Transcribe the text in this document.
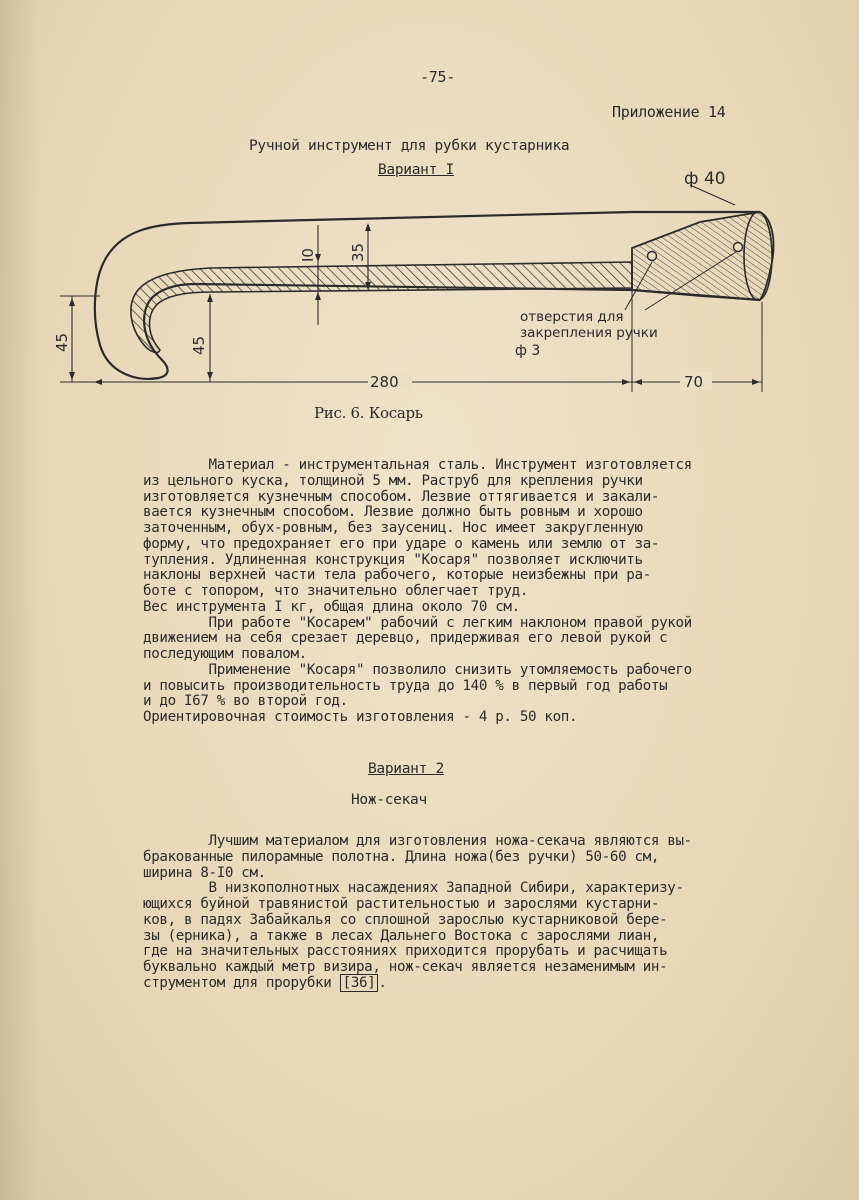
-75-
Приложение 14
Ручной инструмент для рубки кустарника
Вариант I	ф 40
I0 35
45
45
280	70
отверстия для
закрепления ручки
ф 3
Рис. 6. Косарь
Материал - инструментальная сталь. Инструмент изготовляется
из цельного куска, толщиной 5 мм. Раструб для крепления ручки
изготовляется кузнечным способом. Лезвие оттягивается и закали-
вается кузнечным способом. Лезвие должно быть ровным и хорошо
заточенным, обух-ровным, без заусениц. Нос имеет закругленную
форму, что предохраняет его при ударе о камень или землю от за-
тупления. Удлиненная конструкция "Косаря" позволяет исключить
наклоны верхней части тела рабочего, которые неизбежны при ра-
боте с топором, что значительно облегчает труд.
Вес инструмента I кг, общая длина около 70 см.
При работе "Косарем" рабочий с легким наклоном правой рукой
движением на себя срезает деревцо, придерживая его левой рукой с
последующим повалом.
Применение "Косаря" позволило снизить утомляемость рабочего
и повысить производительность труда до 140 % в первый год работы
и до I67 % во второй год.
Ориентировочная стоимость изготовления - 4 р. 50 коп.
Вариант 2
Нож-секач
Лучшим материалом для изготовления ножа-секача являются вы-
бракованные пилорамные полотна. Длина ножа(без ручки) 50-60 см,
ширина 8-I0 см.
В низкополнотных насаждениях Западной Сибири, характеризу-
ющихся буйной травянистой растительностью и зарослями кустарни-
ков, в падях Забайкалья со сплошной зарослью кустарниковой бере-
зы (ерника), а также в лесах Дальнего Востока с зарослями лиан,
где на значительных расстояниях приходится прорубать и расчищать
буквально каждый метр визира, нож-секач является незаменимым ин-
струментом для прорубки [36] .
